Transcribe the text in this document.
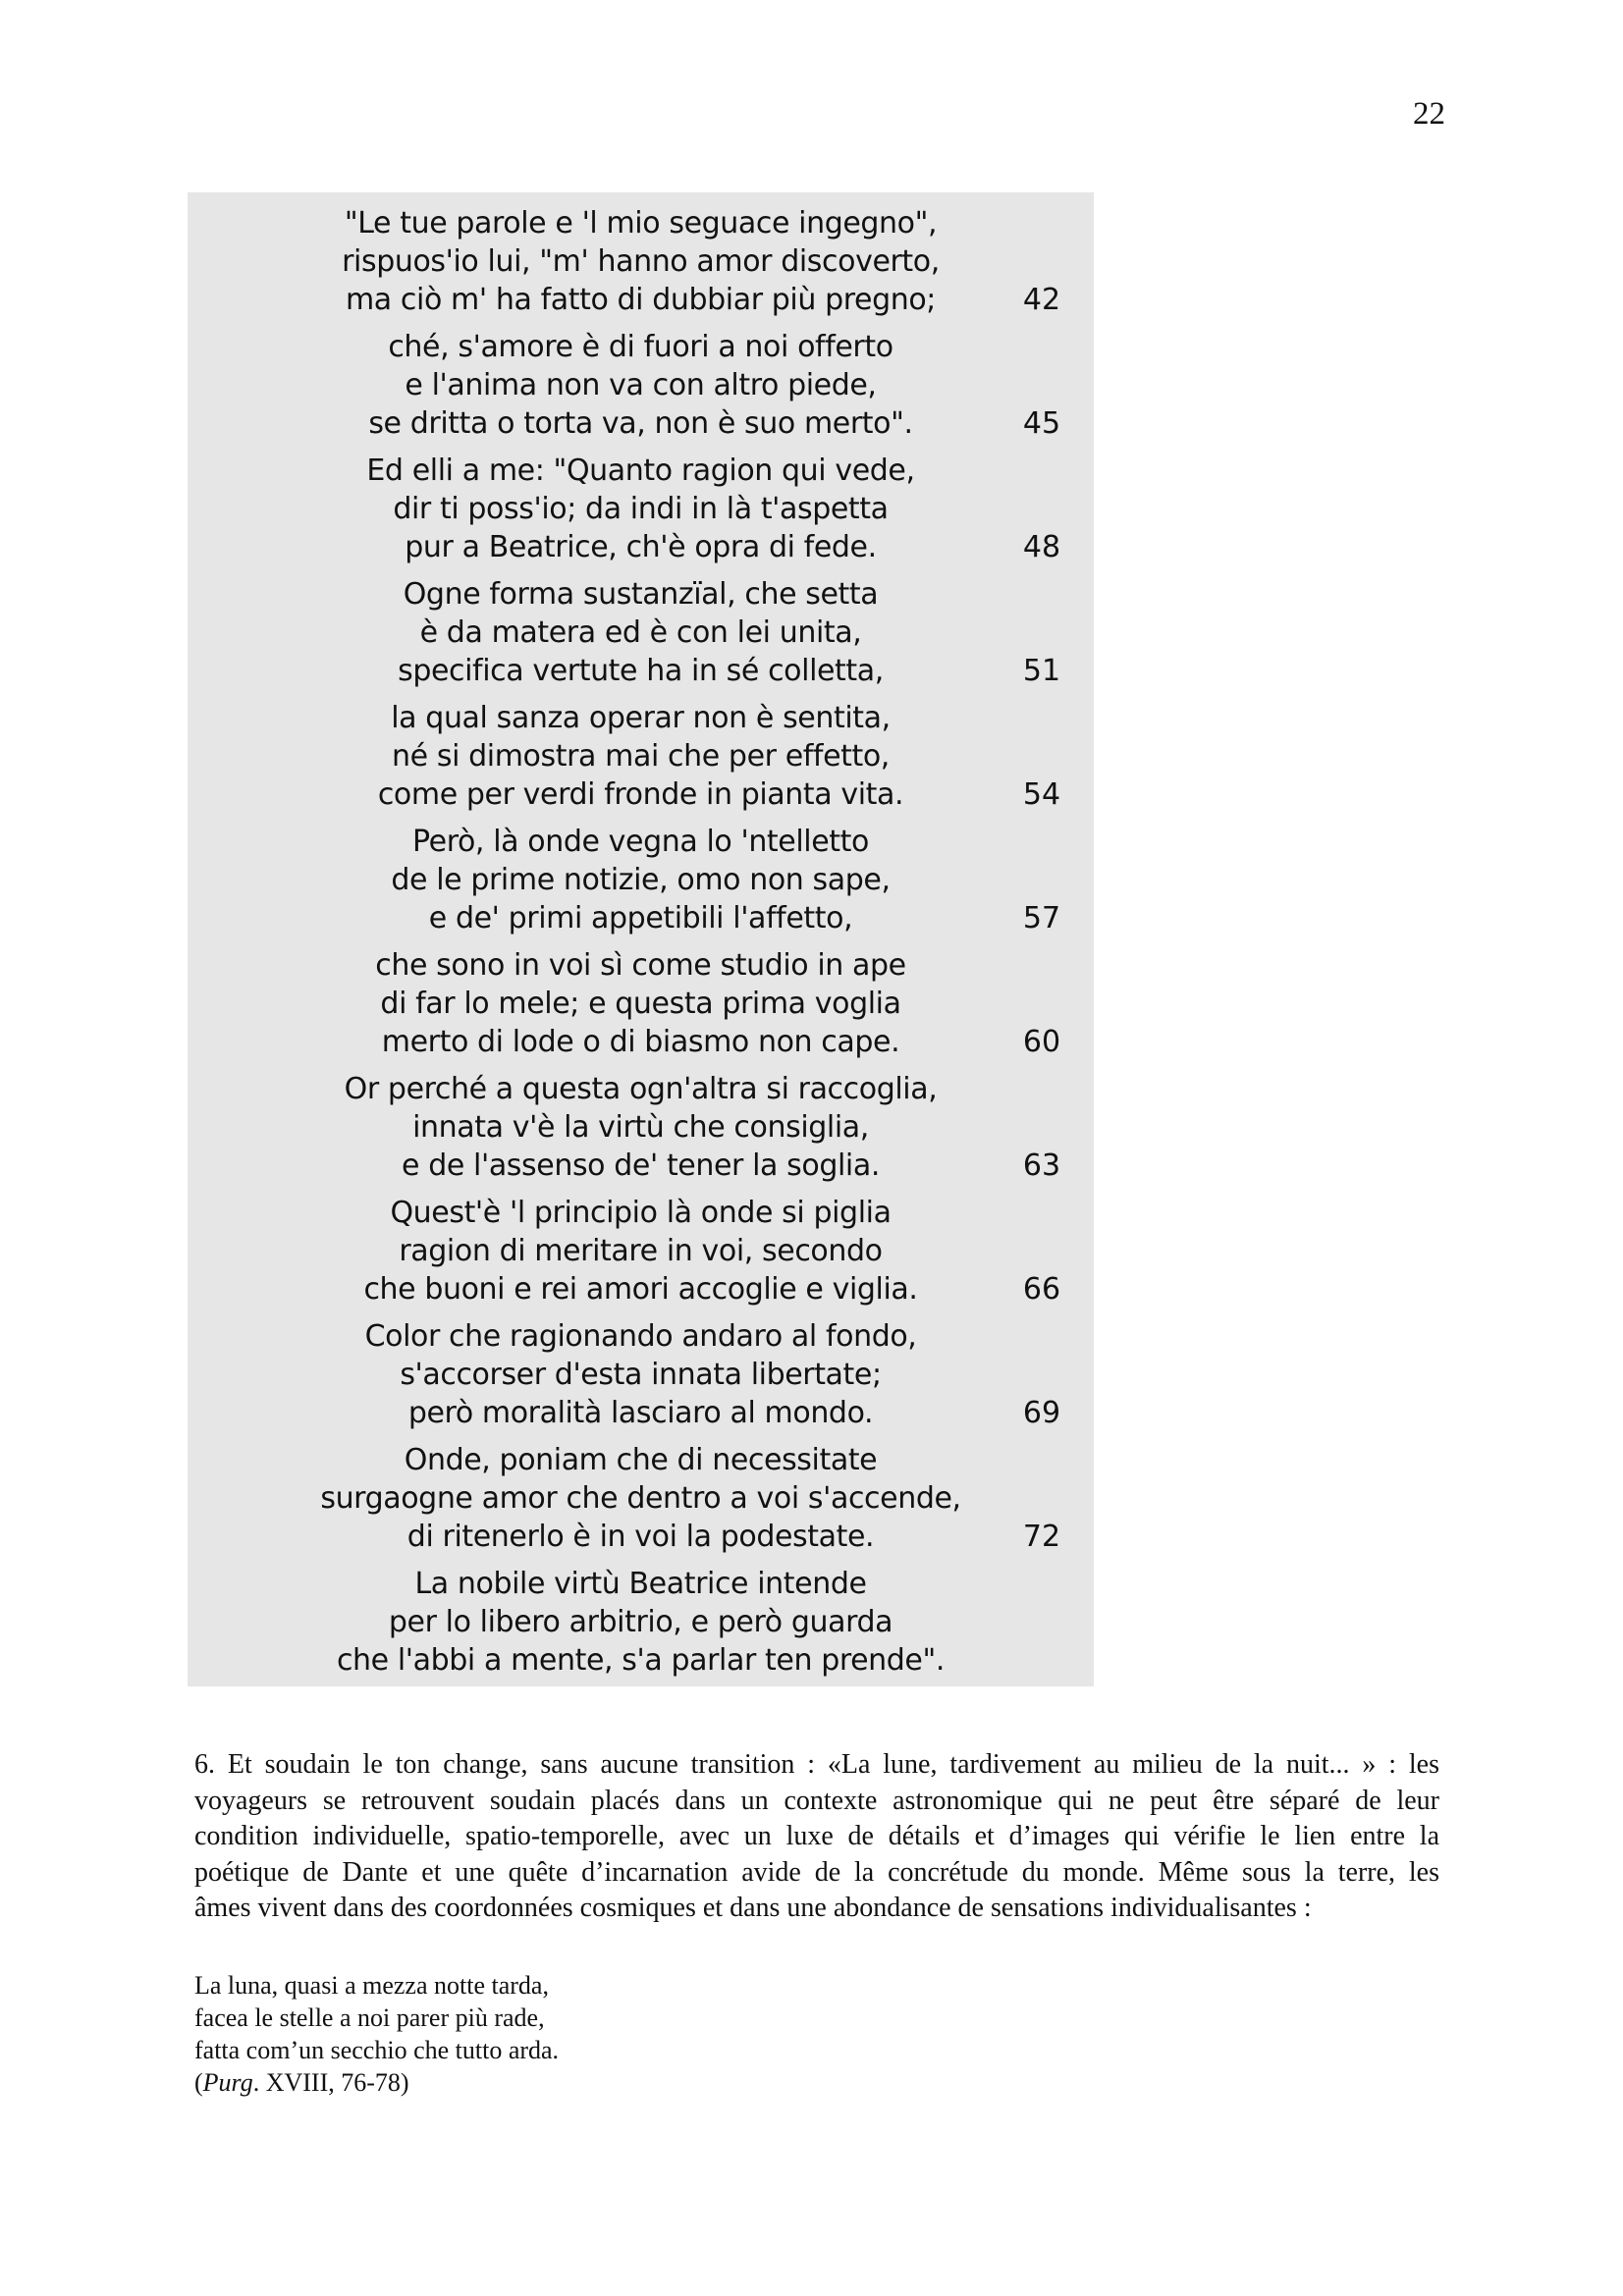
22
"Le tue parole e 'l mio seguace ingegno",
rispuos'io lui, "m' hanno amor discoverto,
ma ciò m' ha fatto di dubbiar più pregno;	42
ché, s'amore è di fuori a noi offerto
e l'anima non va con altro piede,
se dritta o torta va, non è suo merto".	45
Ed elli a me: "Quanto ragion qui vede,
dir ti poss'io; da indi in là t'aspetta
pur a Beatrice, ch'è opra di fede.	48
Ogne forma sustanzïal, che setta
è da matera ed è con lei unita,
specifica vertute ha in sé colletta,	51
la qual sanza operar non è sentita,
né si dimostra mai che per effetto,
come per verdi fronde in pianta vita.	54
Però, là onde vegna lo 'ntelletto
de le prime notizie, omo non sape,
e de' primi appetibili l'affetto,	57
che sono in voi sì come studio in ape
di far lo mele; e questa prima voglia
merto di lode o di biasmo non cape.	60
Or perché a questa ogn'altra si raccoglia,
innata v'è la virtù che consiglia,
e de l'assenso de' tener la soglia.	63
Quest'è 'l principio là onde si piglia
ragion di meritare in voi, secondo
che buoni e rei amori accoglie e viglia.	66
Color che ragionando andaro al fondo,
s'accorser d'esta innata libertate;
però moralità lasciaro al mondo.	69
Onde, poniam che di necessitate
surgaogne amor che dentro a voi s'accende,
di ritenerlo è in voi la podestate.	72
La nobile virtù Beatrice intende
per lo libero arbitrio, e però guarda
che l'abbi a mente, s'a parlar ten prende".
6. Et soudain le ton change, sans aucune transition : «La lune, tardivement au milieu de la nuit... » : les
voyageurs se retrouvent soudain placés dans un contexte astronomique qui ne peut être séparé de leur
condition individuelle, spatio-temporelle, avec un luxe de détails et d’images qui vérifie le lien entre la
poétique de Dante et une quête d’incarnation avide de la concrétude du monde. Même sous la terre, les
âmes vivent dans des coordonnées cosmiques et dans une abondance de sensations individualisantes :
La luna, quasi a mezza notte tarda,
facea le stelle a noi parer più rade,
fatta com’un secchio che tutto arda.
(Purg. XVIII, 76-78)
